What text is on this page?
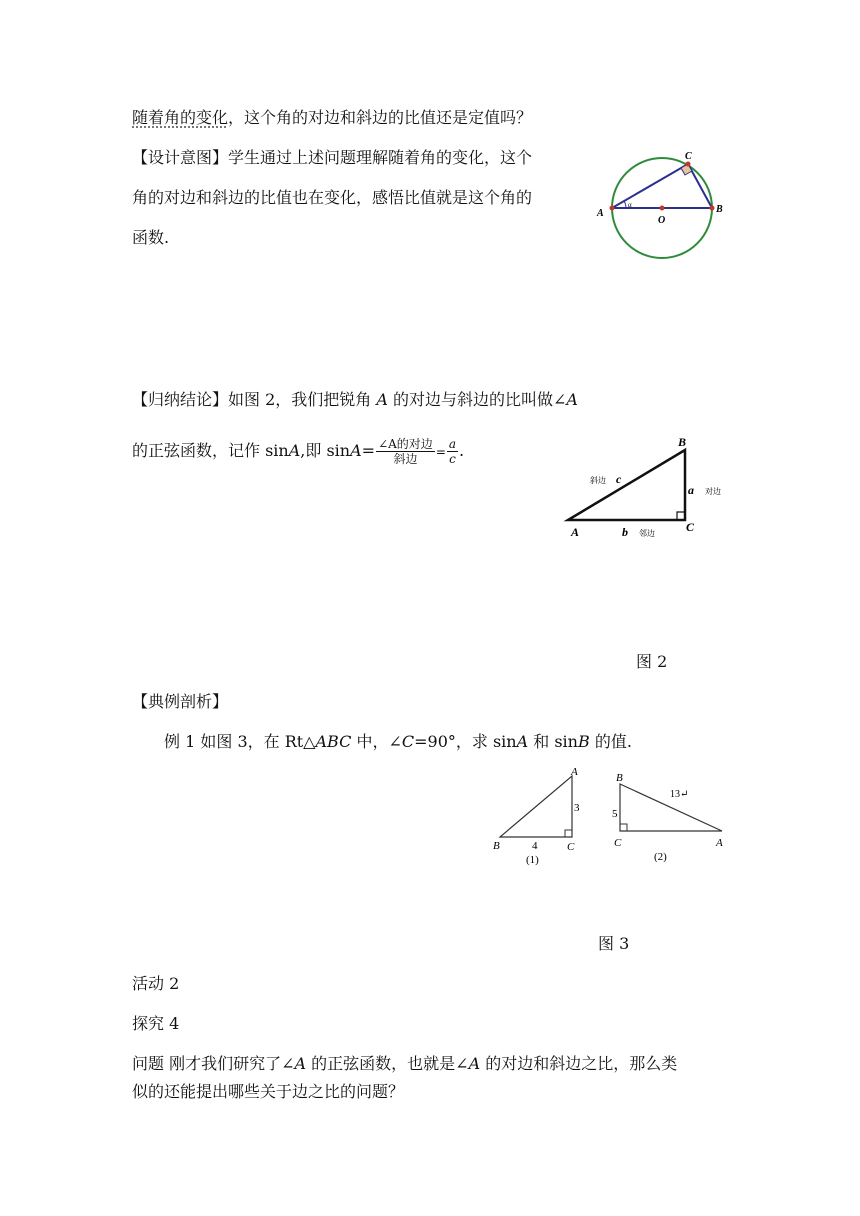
随着角的变化，这个角的对边和斜边的比值还是定值吗？
【设计意图】学生通过上述问题理解随着角的变化，这个
角的对边和斜边的比值也在变化，感悟比值就是这个角的
函数.
A	B
C
O
α
【归纳结论】如图 2，我们把锐角 A 的对边与斜边的比叫做∠A
的正弦函数，记作 sinA,即 $\sin A= \frac{\text{∠A的对边}}{\text{斜边}} = \frac{a}{c}$ .	B
A	C
a
b
c
斜边
对边
邻边
图 2
【典例剖析】
例 1 如图 3，在 Rt△ABC 中，∠C=90°，求 sinA 和 sinB 的值.
A
B	C
3
4
(1)
B
C	A
5
13↵
(2)
图 3
活动 2
探究 4
问题 刚才我们研究了∠A 的正弦函数，也就是∠A 的对边和斜边之比，那么类
似的还能提出哪些关于边之比的问题？
